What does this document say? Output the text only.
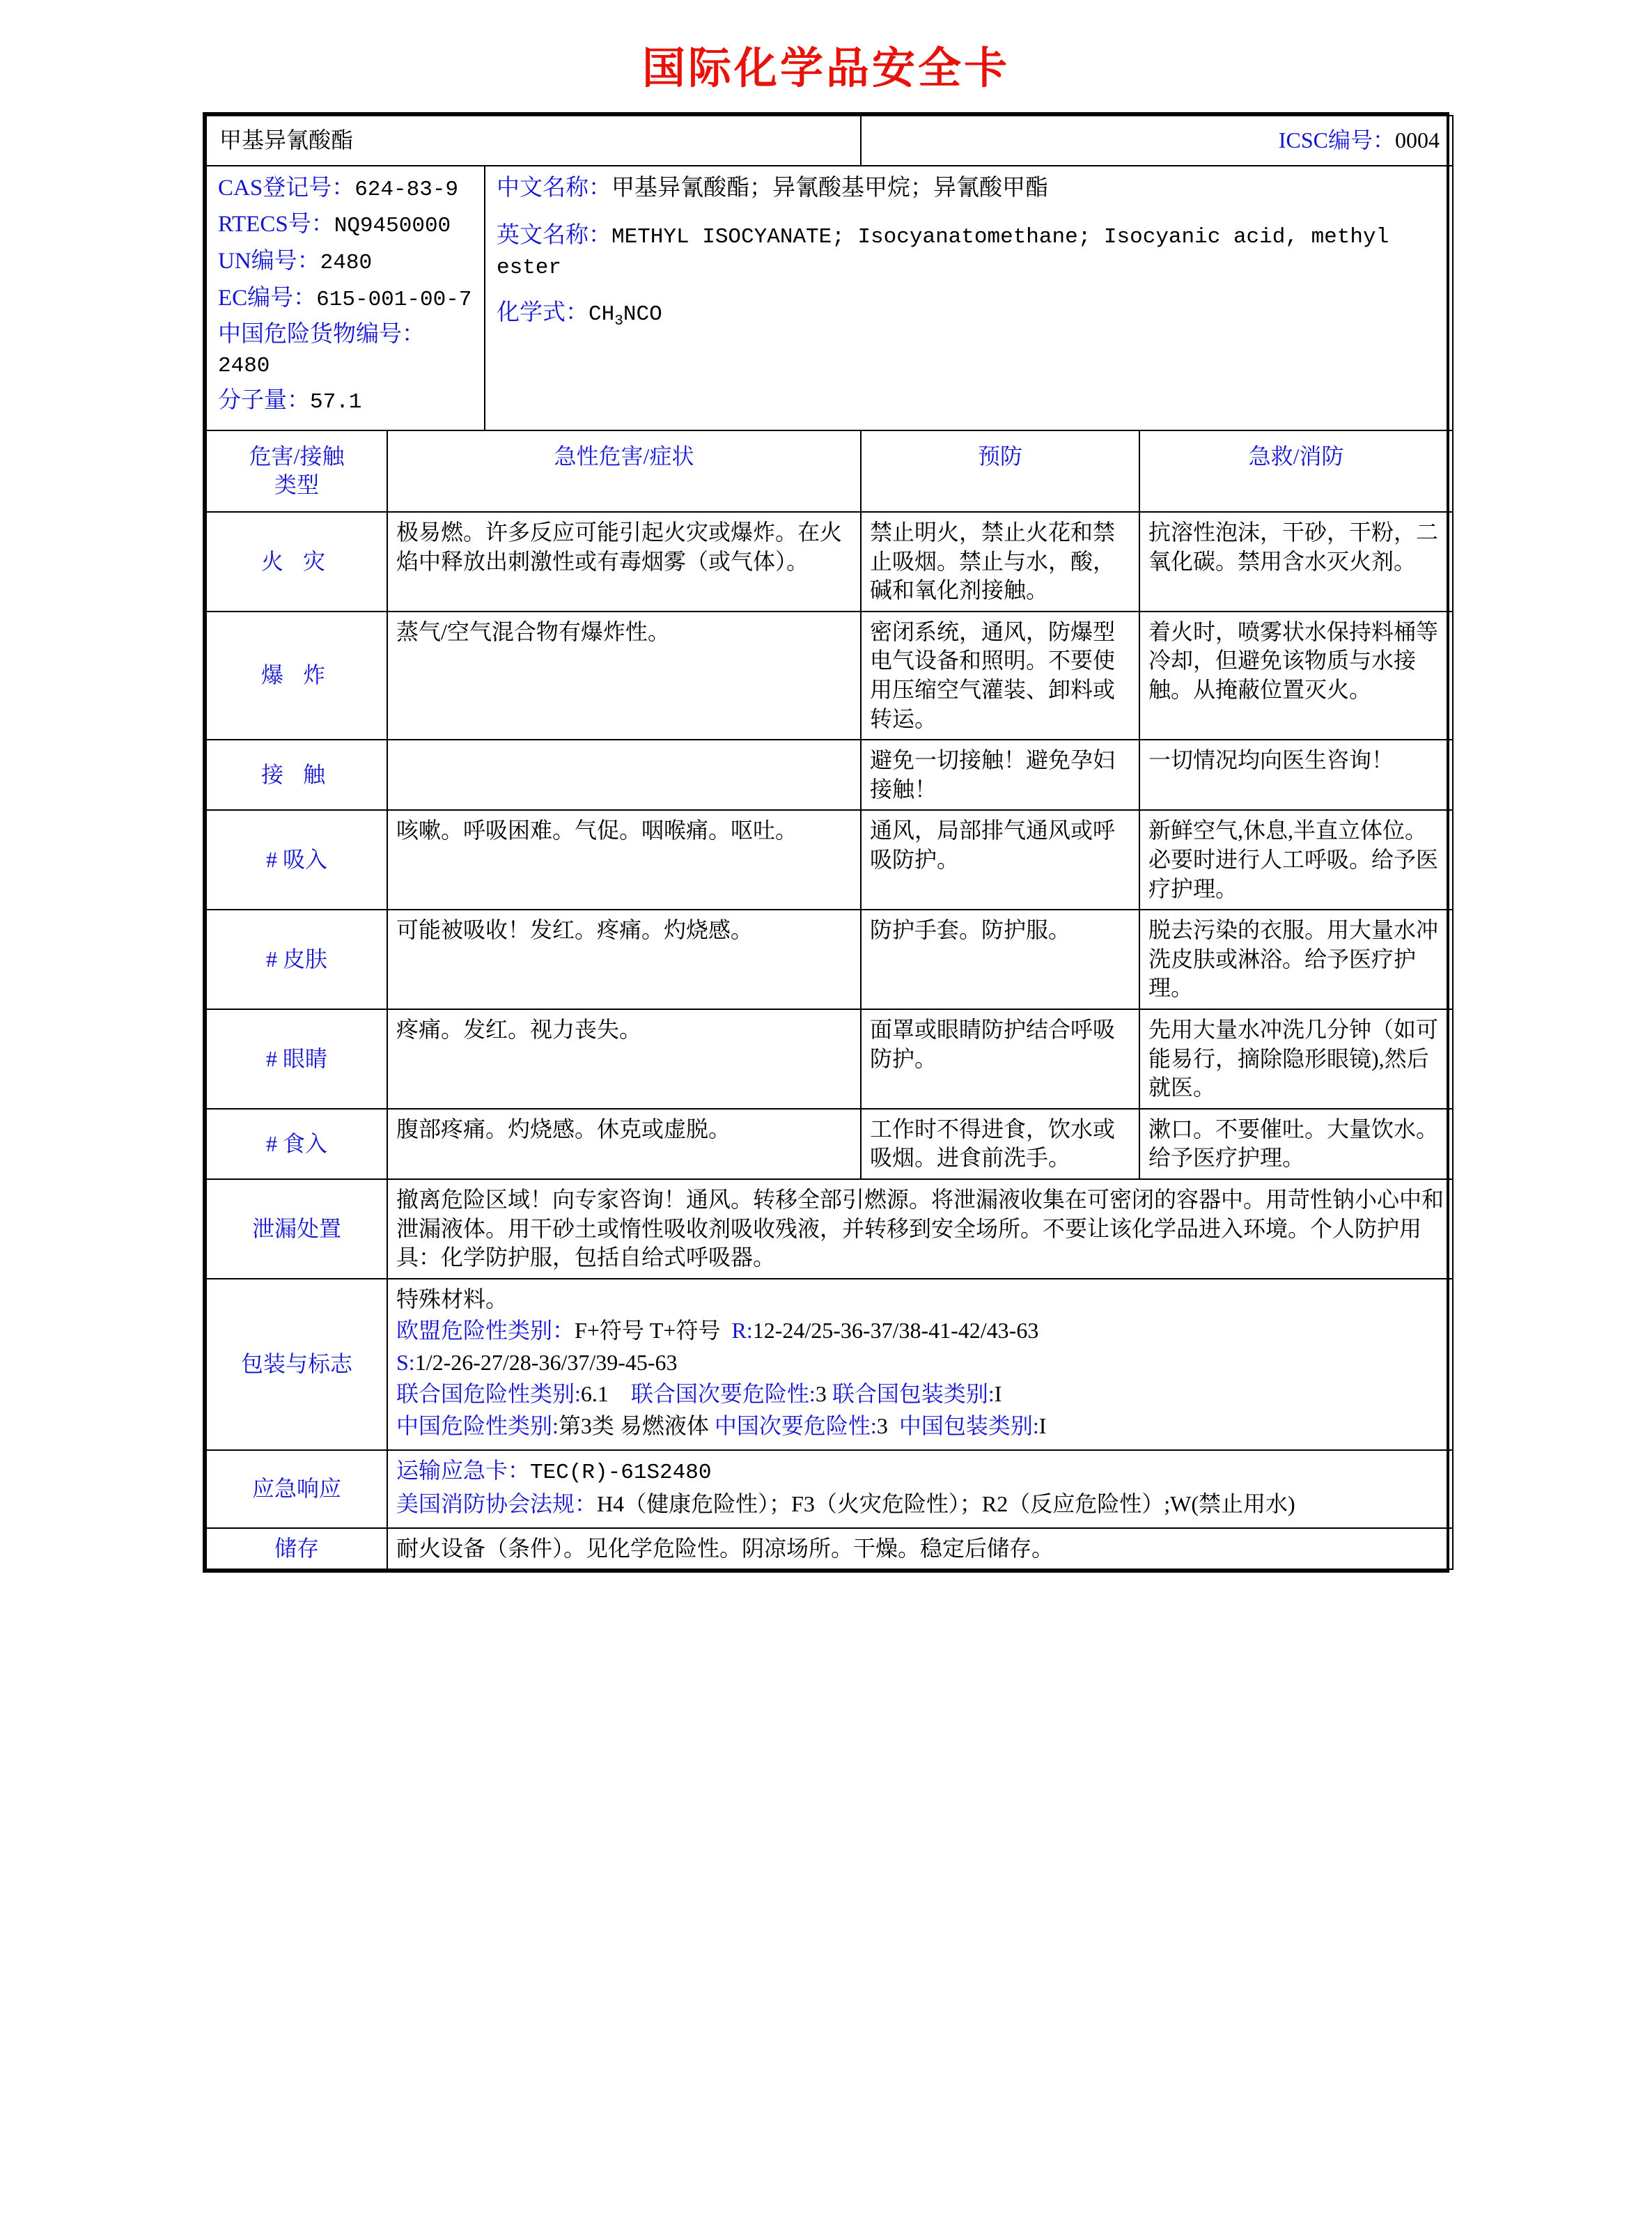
国际化学品安全卡
甲基异氰酸酯			ICSC编号：0004	

CAS登记号：624-83-9
RTECS号：NQ9450000
UN编号：2480
EC编号：615-001-00-7
中国危险货物编号：2480
分子量：57.1

中文名称：甲基异氰酸酯；异氰酸基甲烷；异氰酸甲酯
英文名称：METHYL ISOCYANATE; Isocyanatomethane; Isocyanic acid, methyl ester
化学式：$CH_3NCO$

危害/接触
类型	急性危害/症状		预防	急救/消防
火 灾	极易燃。许多反应可能引起火灾或爆炸。在火焰中释放出刺激性或有毒烟雾（或气体）。		禁止明火，禁止火花和禁止吸烟。禁止与水，酸，碱和氧化剂接触。	抗溶性泡沫，干砂，干粉，二氧化碳。禁用含水灭火剂。
爆 炸	蒸气/空气混合物有爆炸性。		密闭系统，通风，防爆型电气设备和照明。不要使用压缩空气灌装、卸料或转运。	着火时，喷雾状水保持料桶等冷却，但避免该物质与水接触。从掩蔽位置灭火。
接 触			避免一切接触！避免孕妇接触！	一切情况均向医生咨询！
# 吸入	咳嗽。呼吸困难。气促。咽喉痛。呕吐。		通风，局部排气通风或呼吸防护。	新鲜空气,休息,半直立体位。必要时进行人工呼吸。给予医疗护理。
# 皮肤	可能被吸收！发红。疼痛。灼烧感。		防护手套。防护服。	脱去污染的衣服。用大量水冲洗皮肤或淋浴。给予医疗护理。
# 眼睛	疼痛。发红。视力丧失。		面罩或眼睛防护结合呼吸防护。	先用大量水冲洗几分钟（如可能易行，摘除隐形眼镜),然后就医。
# 食入	腹部疼痛。灼烧感。休克或虚脱。		工作时不得进食，饮水或吸烟。进食前洗手。	漱口。不要催吐。大量饮水。给予医疗护理。
泄漏处置	撤离危险区域！向专家咨询！通风。转移全部引燃源。将泄漏液收集在可密闭的容器中。用苛性钠小心中和泄漏液体。用干砂土或惰性吸收剂吸收残液，并转移到安全场所。不要让该化学品进入环境。个人防护用具：化学防护服，包括自给式呼吸器。			
包装与标志	特殊材料。
欧盟危险性类别：F+符号 T+符号 R:12-24/25-36-37/38-41-42/43-63
S:1/2-26-27/28-36/37/39-45-63
联合国危险性类别:6.1 联合国次要危险性:3 联合国包装类别:I
中国危险性类别:第3类 易燃液体 中国次要危险性:3 中国包装类别:I			

应急响应	运输应急卡：TEC(R)-61S2480
美国消防协会法规：H4（健康危险性）；F3（火灾危险性）；R2（反应危险性）;W(禁止用水)			

储存	耐火设备（条件）。见化学危险性。阴凉场所。干燥。稳定后储存。			
